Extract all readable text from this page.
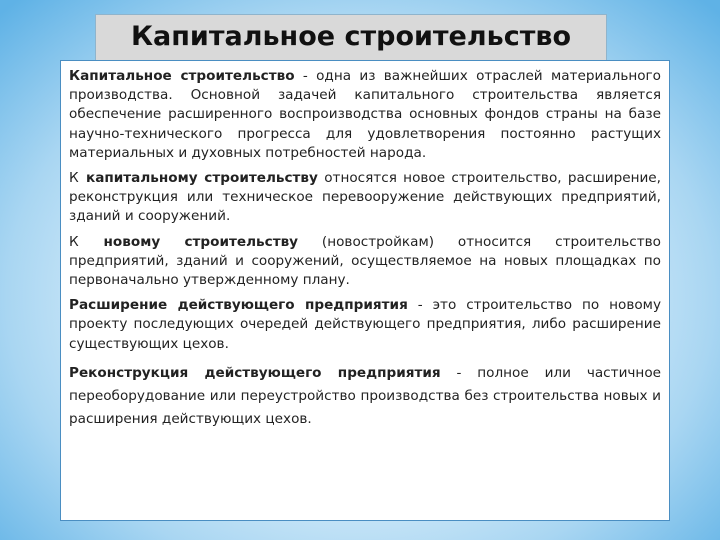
Капитальное строительство

Капитальное строительство - одна из важнейших отраслей материального производства. Основной задачей капитального строительства является обеспечение расширенного воспроизводства основных фондов страны на базе научно-технического прогресса для удовлетворения постоянно растущих материальных и духовных потребностей народа.

К капитальному строительству относятся новое строительство, расширение, реконструкция или техническое перевооружение действующих предприятий, зданий и сооружений.

К новому строительству (новостройкам) относится строительство предприятий, зданий и сооружений, осуществляемое на новых площадках по первоначально утвержденному плану.

Расширение действующего предприятия - это строительство по новому проекту последующих очередей действующего предприятия, либо расширение существующих цехов.

Реконструкция действующего предприятия - полное или частичное переоборудование или переустройство производства без строительства новых и расширения действующих цехов.
